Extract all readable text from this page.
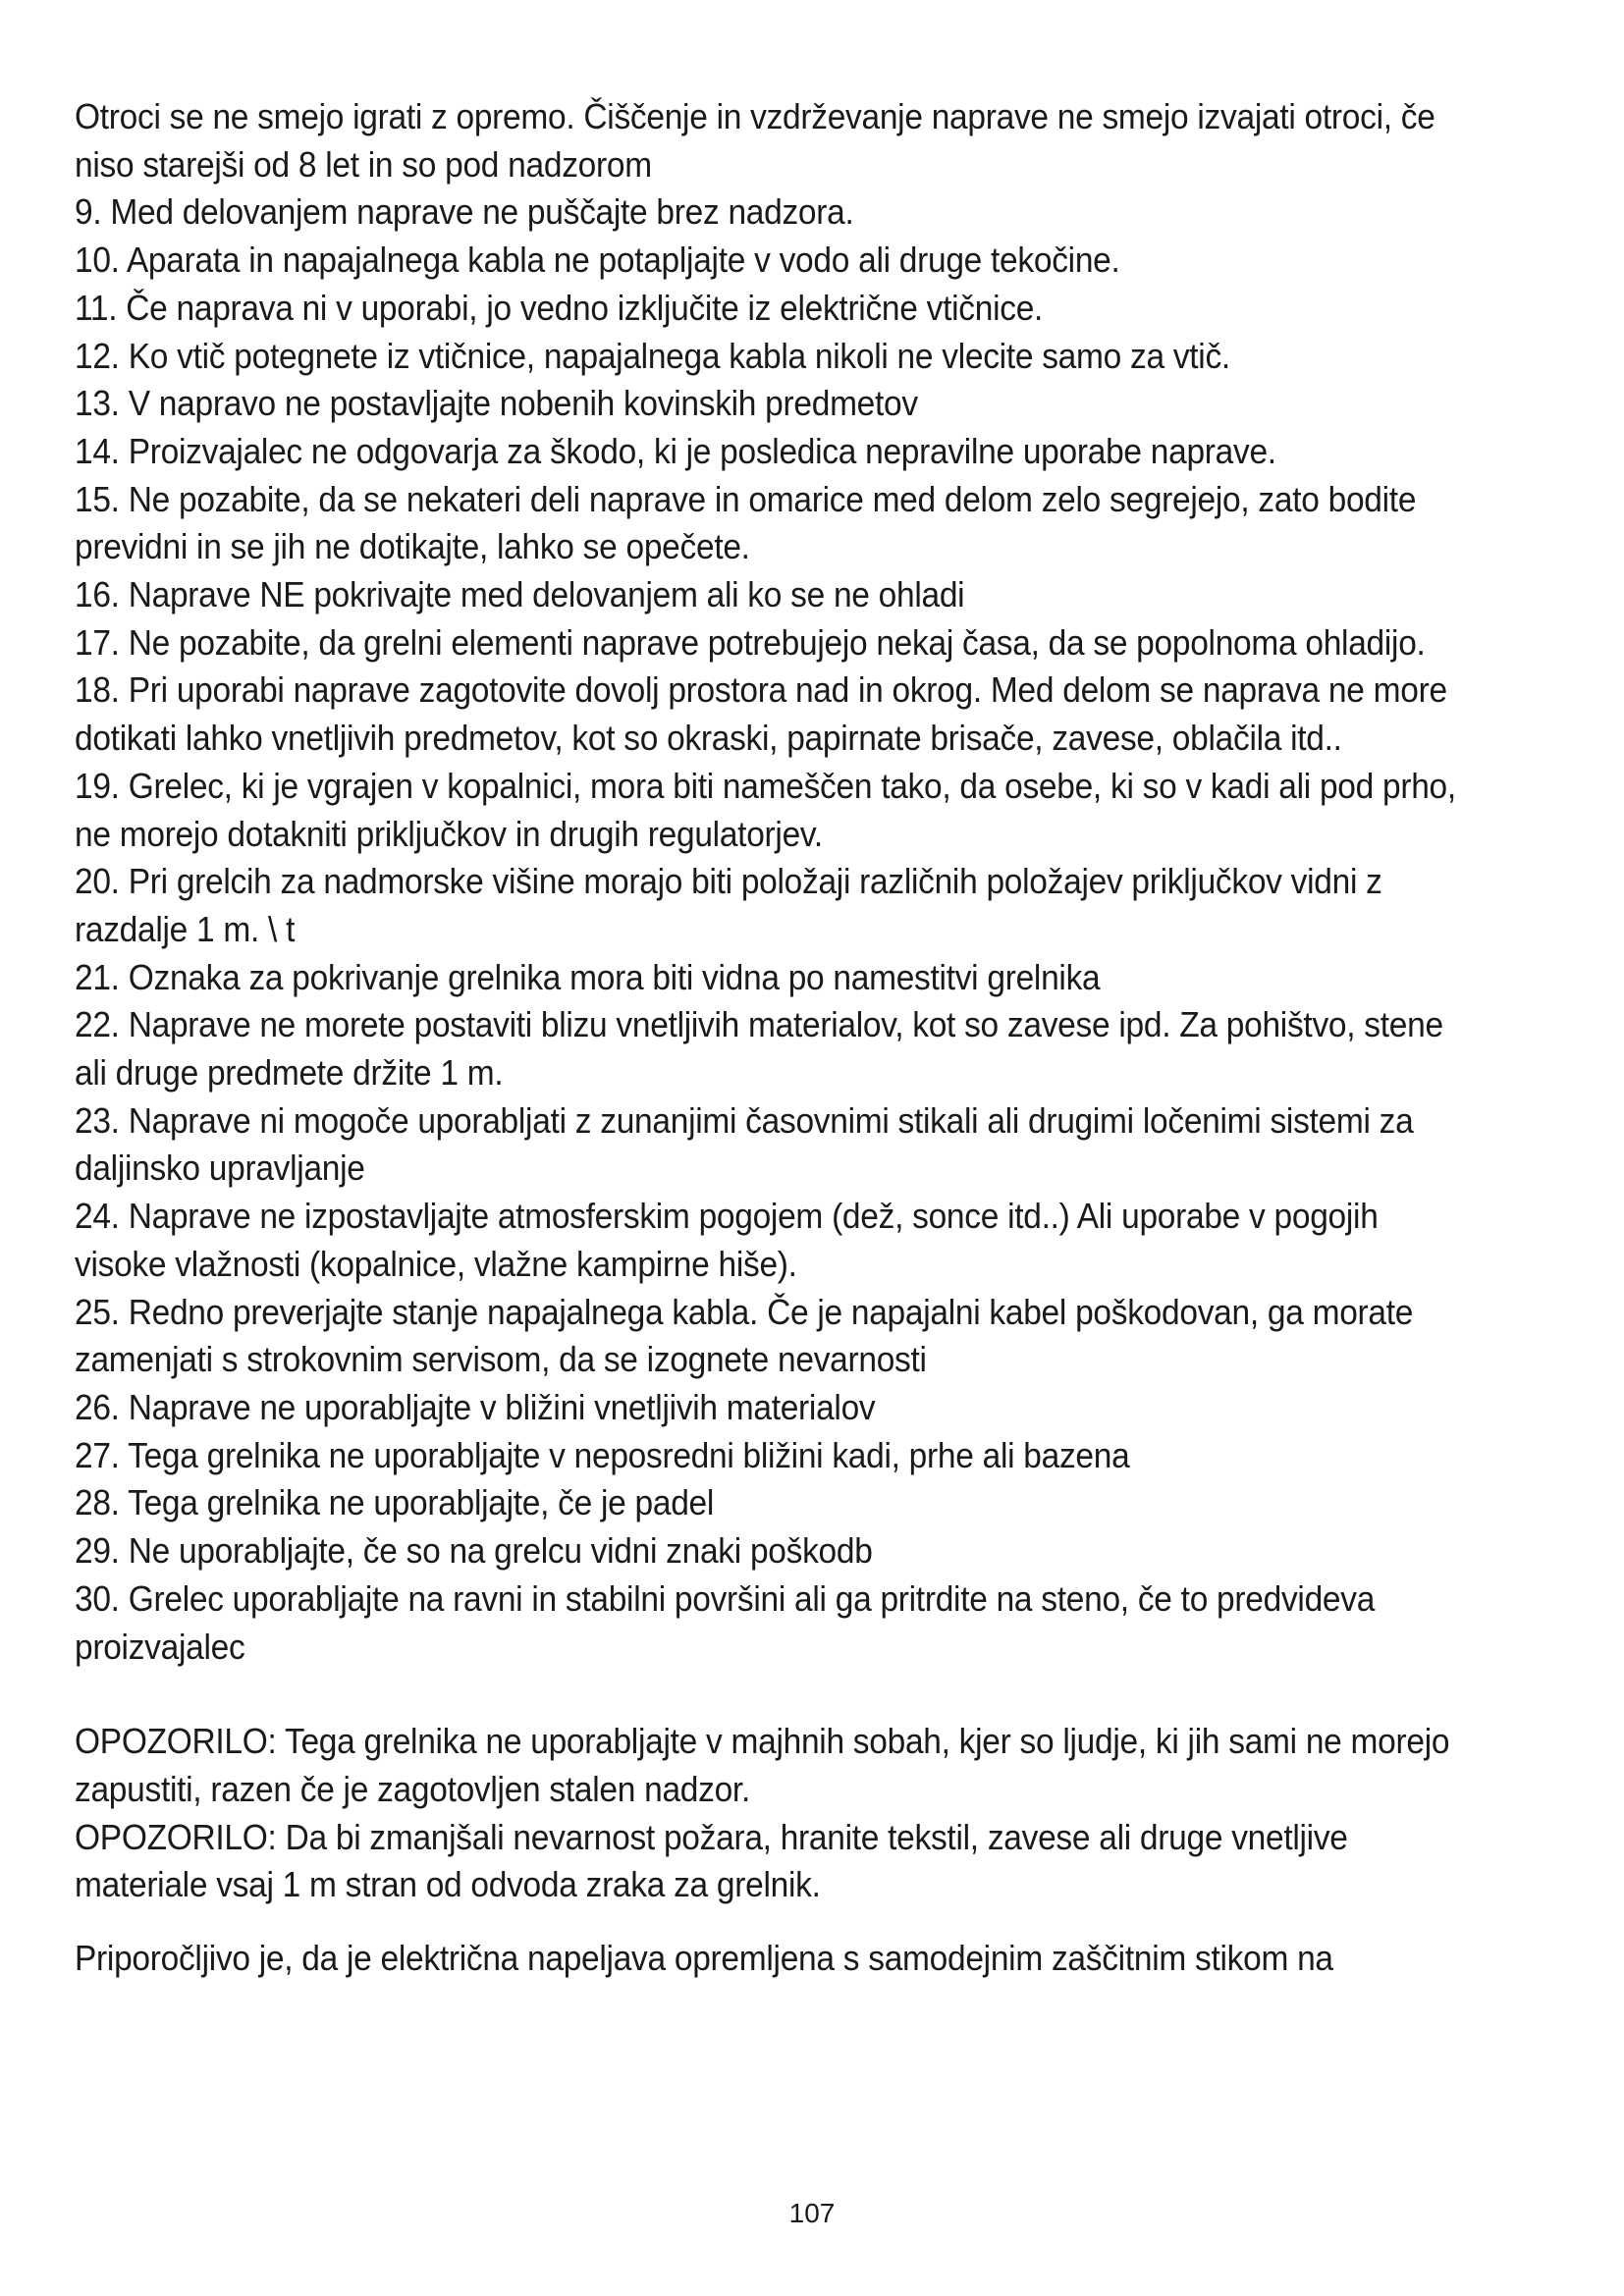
Otroci se ne smejo igrati z opremo. Čiščenje in vzdrževanje naprave ne smejo izvajati otroci, če niso starejši od 8 let in so pod nadzorom

9. Med delovanjem naprave ne puščajte brez nadzora.

10. Aparata in napajalnega kabla ne potapljajte v vodo ali druge tekočine.

11. Če naprava ni v uporabi, jo vedno izključite iz električne vtičnice.

12. Ko vtič potegnete iz vtičnice, napajalnega kabla nikoli ne vlecite samo za vtič.

13. V napravo ne postavljajte nobenih kovinskih predmetov

14. Proizvajalec ne odgovarja za škodo, ki je posledica nepravilne uporabe naprave.

15. Ne pozabite, da se nekateri deli naprave in omarice med delom zelo segrejejo, zato bodite previdni in se jih ne dotikajte, lahko se opečete.

16. Naprave NE pokrivajte med delovanjem ali ko se ne ohladi

17. Ne pozabite, da grelni elementi naprave potrebujejo nekaj časa, da se popolnoma ohladijo.

18. Pri uporabi naprave zagotovite dovolj prostora nad in okrog. Med delom se naprava ne more dotikati lahko vnetljivih predmetov, kot so okraski, papirnate brisače, zavese, oblačila itd..

19. Grelec, ki je vgrajen v kopalnici, mora biti nameščen tako, da osebe, ki so v kadi ali pod prho, ne morejo dotakniti priključkov in drugih regulatorjev.

20. Pri grelcih za nadmorske višine morajo biti položaji različnih položajev priključkov vidni z razdalje 1 m. \ t

21. Oznaka za pokrivanje grelnika mora biti vidna po namestitvi grelnika

22. Naprave ne morete postaviti blizu vnetljivih materialov, kot so zavese ipd. Za pohištvo, stene ali druge predmete držite 1 m.

23. Naprave ni mogoče uporabljati z zunanjimi časovnimi stikali ali drugimi ločenimi sistemi za daljinsko upravljanje

24. Naprave ne izpostavljajte atmosferskim pogojem (dež, sonce itd..) Ali uporabe v pogojih visoke vlažnosti (kopalnice, vlažne kampirne hiše).

25. Redno preverjajte stanje napajalnega kabla. Če je napajalni kabel poškodovan, ga morate zamenjati s strokovnim servisom, da se izognete nevarnosti

26. Naprave ne uporabljajte v bližini vnetljivih materialov

27. Tega grelnika ne uporabljajte v neposredni bližini kadi, prhe ali bazena

28. Tega grelnika ne uporabljajte, če je padel

29. Ne uporabljajte, če so na grelcu vidni znaki poškodb

30. Grelec uporabljajte na ravni in stabilni površini ali ga pritrdite na steno, če to predvideva proizvajalec

OPOZORILO: Tega grelnika ne uporabljajte v majhnih sobah, kjer so ljudje, ki jih sami ne morejo zapustiti, razen če je zagotovljen stalen nadzor.

OPOZORILO: Da bi zmanjšali nevarnost požara, hranite tekstil, zavese ali druge vnetljive materiale vsaj 1 m stran od odvoda zraka za grelnik.

Priporočljivo je, da je električna napeljava opremljena s samodejnim zaščitnim stikom na

107
